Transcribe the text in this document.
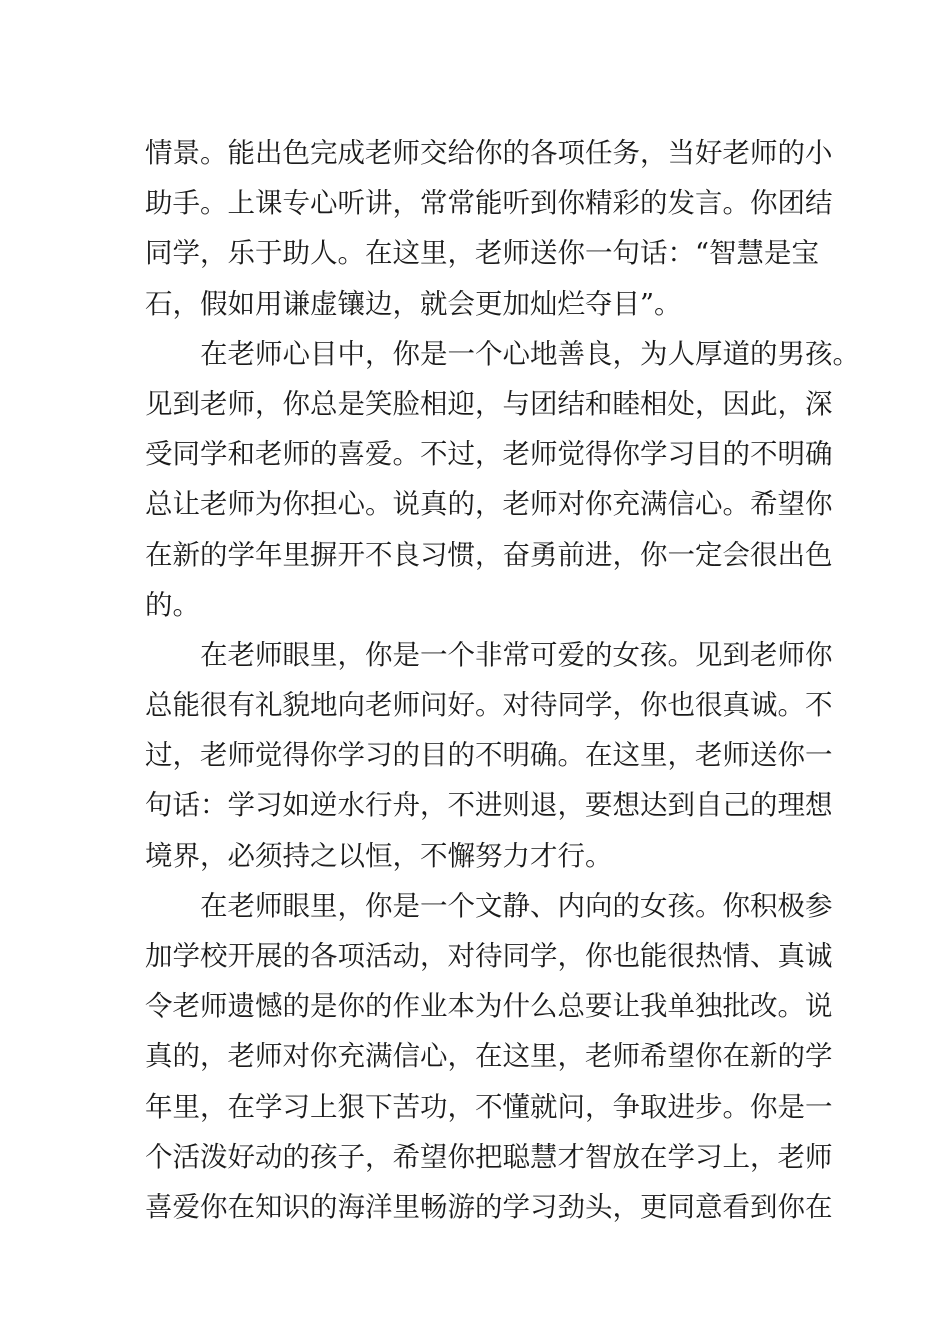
情景。能出色完成老师交给你的各项任务，当好老师的小
助手。上课专心听讲，常常能听到你精彩的发言。你团结
同学，乐于助人。在这里，老师送你一句话：“智慧是宝
石，假如用谦虚镶边，就会更加灿烂夺目”。
在老师心目中，你是一个心地善良，为人厚道的男孩。
见到老师，你总是笑脸相迎，与团结和睦相处，因此，深
受同学和老师的喜爱。不过，老师觉得你学习目的不明确
总让老师为你担心。说真的，老师对你充满信心。希望你
在新的学年里摒开不良习惯，奋勇前进，你一定会很出色
的。
在老师眼里，你是一个非常可爱的女孩。见到老师你
总能很有礼貌地向老师问好。对待同学，你也很真诚。不
过，老师觉得你学习的目的不明确。在这里，老师送你一
句话：学习如逆水行舟，不进则退，要想达到自己的理想
境界，必须持之以恒，不懈努力才行。
在老师眼里，你是一个文静、内向的女孩。你积极参
加学校开展的各项活动，对待同学，你也能很热情、真诚
令老师遗憾的是你的作业本为什么总要让我单独批改。说
真的，老师对你充满信心，在这里，老师希望你在新的学
年里，在学习上狠下苦功，不懂就问，争取进步。你是一
个活泼好动的孩子，希望你把聪慧才智放在学习上，老师
喜爱你在知识的海洋里畅游的学习劲头，更同意看到你在
